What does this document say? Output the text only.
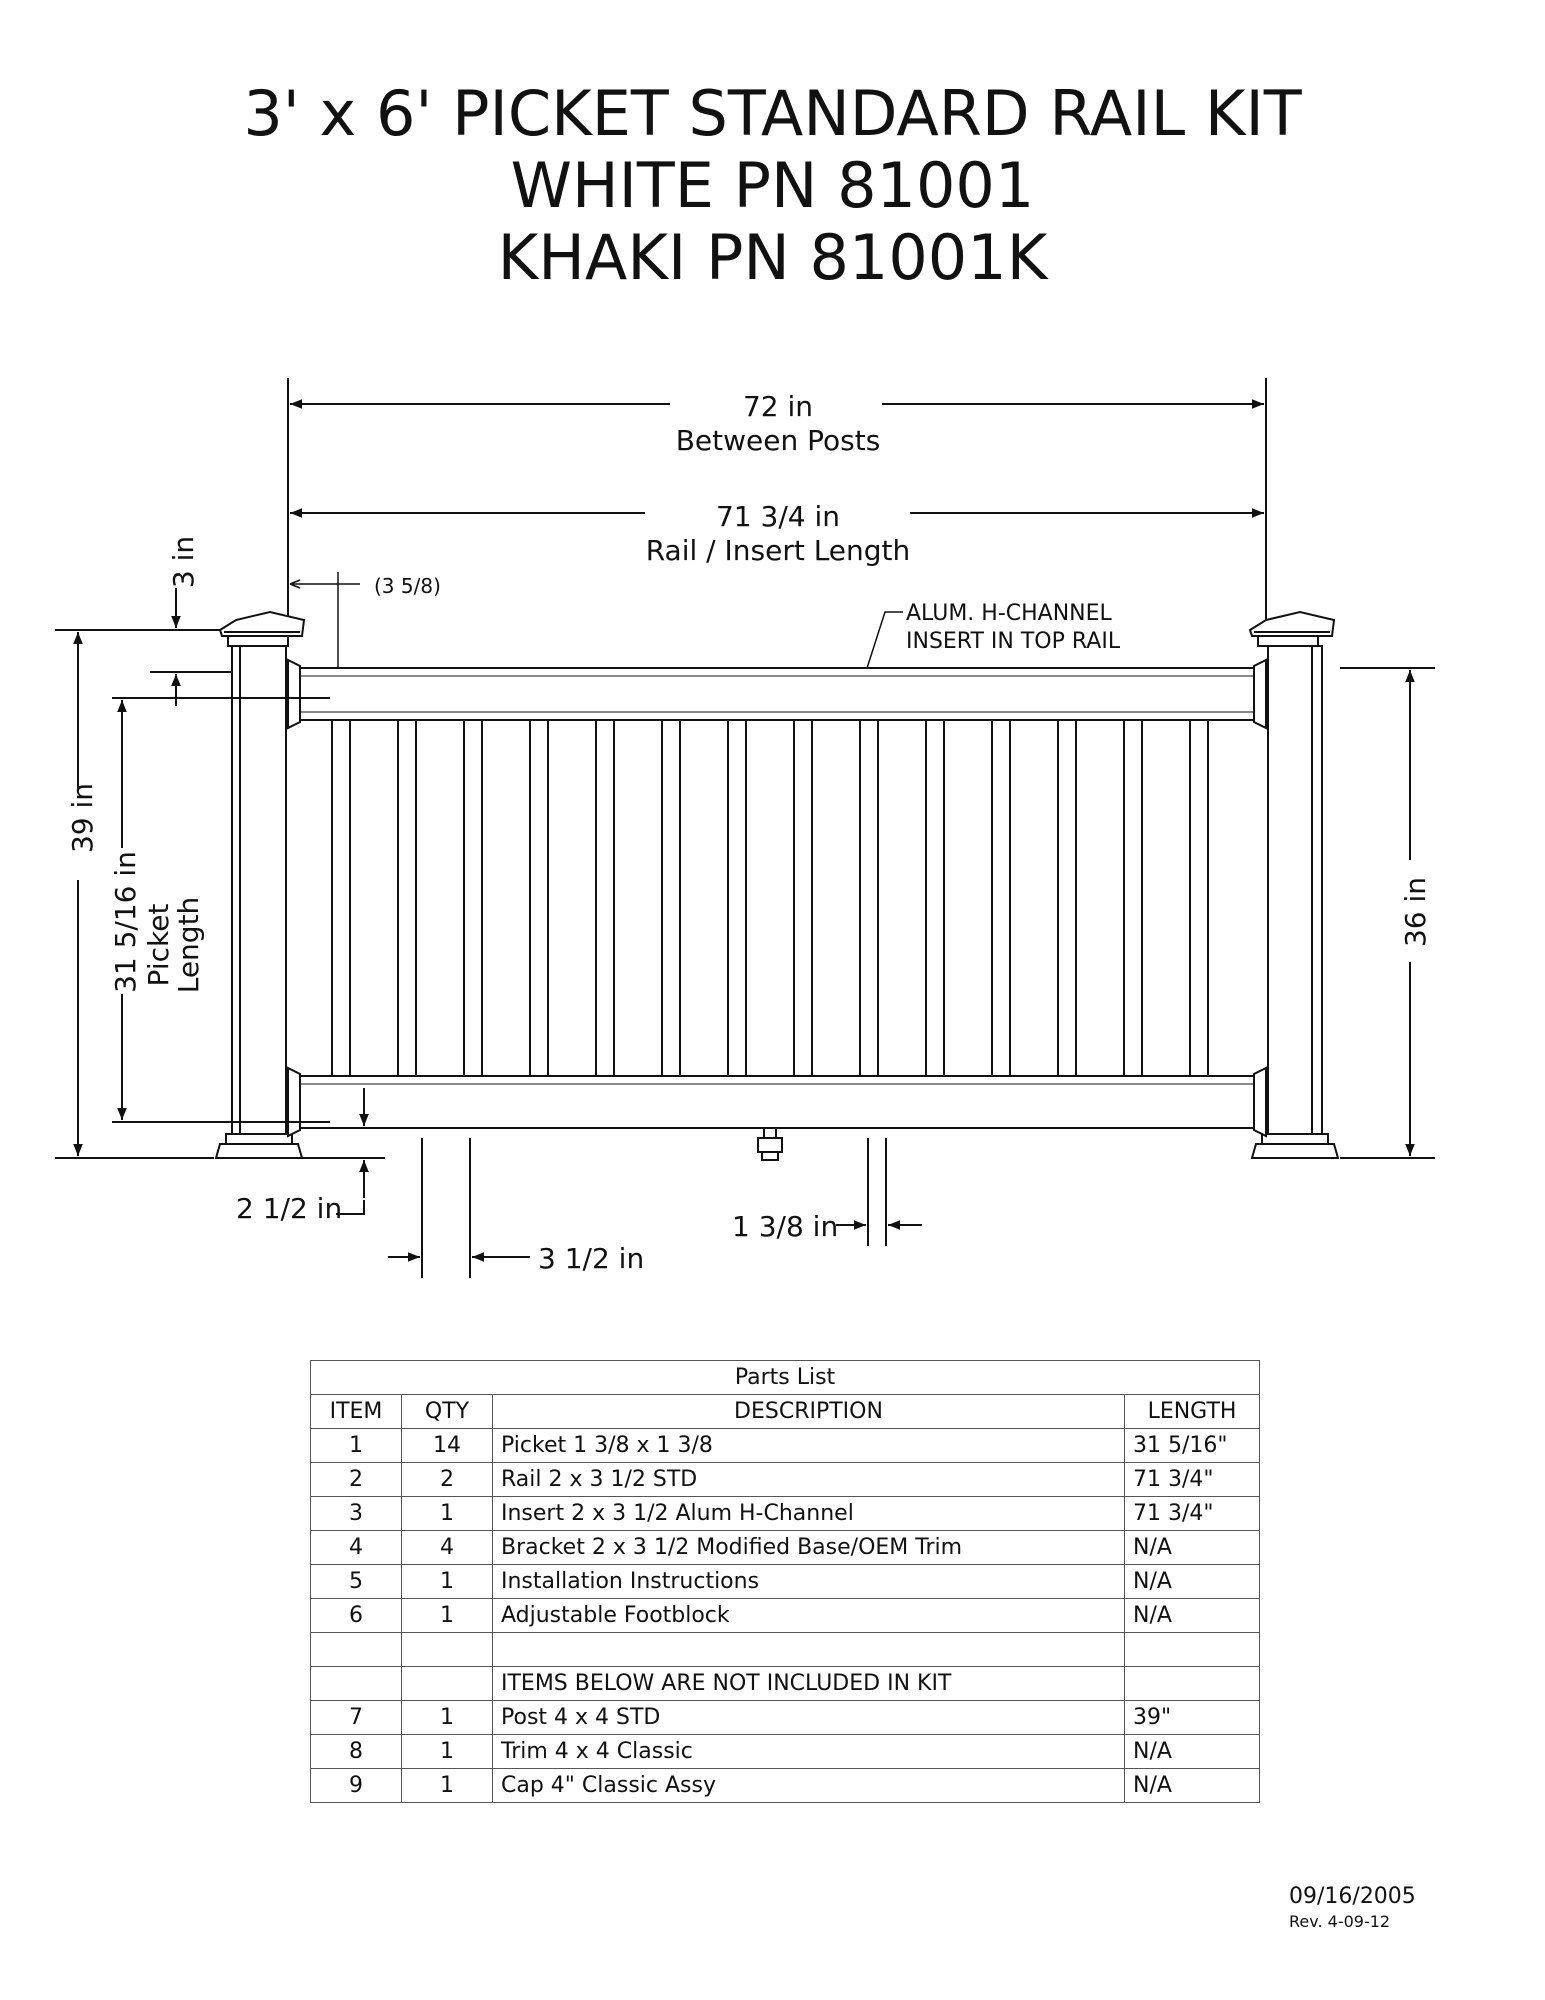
3' x 6' PICKET STANDARD RAIL KIT
WHITE PN 81001
KHAKI PN 81001K
72 in
Between Posts
71 3/4 in
Rail / Insert Length
(3 5/8)
3 in
ALUM. H-CHANNEL
INSERT IN TOP RAIL
39 in
31 5/16 in Picket
Length	36 in
2 1/2 in
3 1/2 in
1 3/8 in
Parts List			
ITEM	QTY	DESCRIPTION	LENGTH
1	14	Picket 1 3/8 x 1 3/8	31 5/16"
2	2	Rail 2 x 3 1/2 STD	71 3/4"
3	1	Insert 2 x 3 1/2 Alum H-Channel	71 3/4"
4	4	Bracket 2 x 3 1/2 Modified Base/OEM Trim	N/A
5	1	Installation Instructions	N/A
6	1	Adjustable Footblock	N/A

		ITEMS BELOW ARE NOT INCLUDED IN KIT	
7	1	Post 4 x 4 STD	39"
8	1	Trim 4 x 4 Classic	N/A
9	1	Cap 4" Classic Assy	N/A
09/16/2005
Rev. 4-09-12
